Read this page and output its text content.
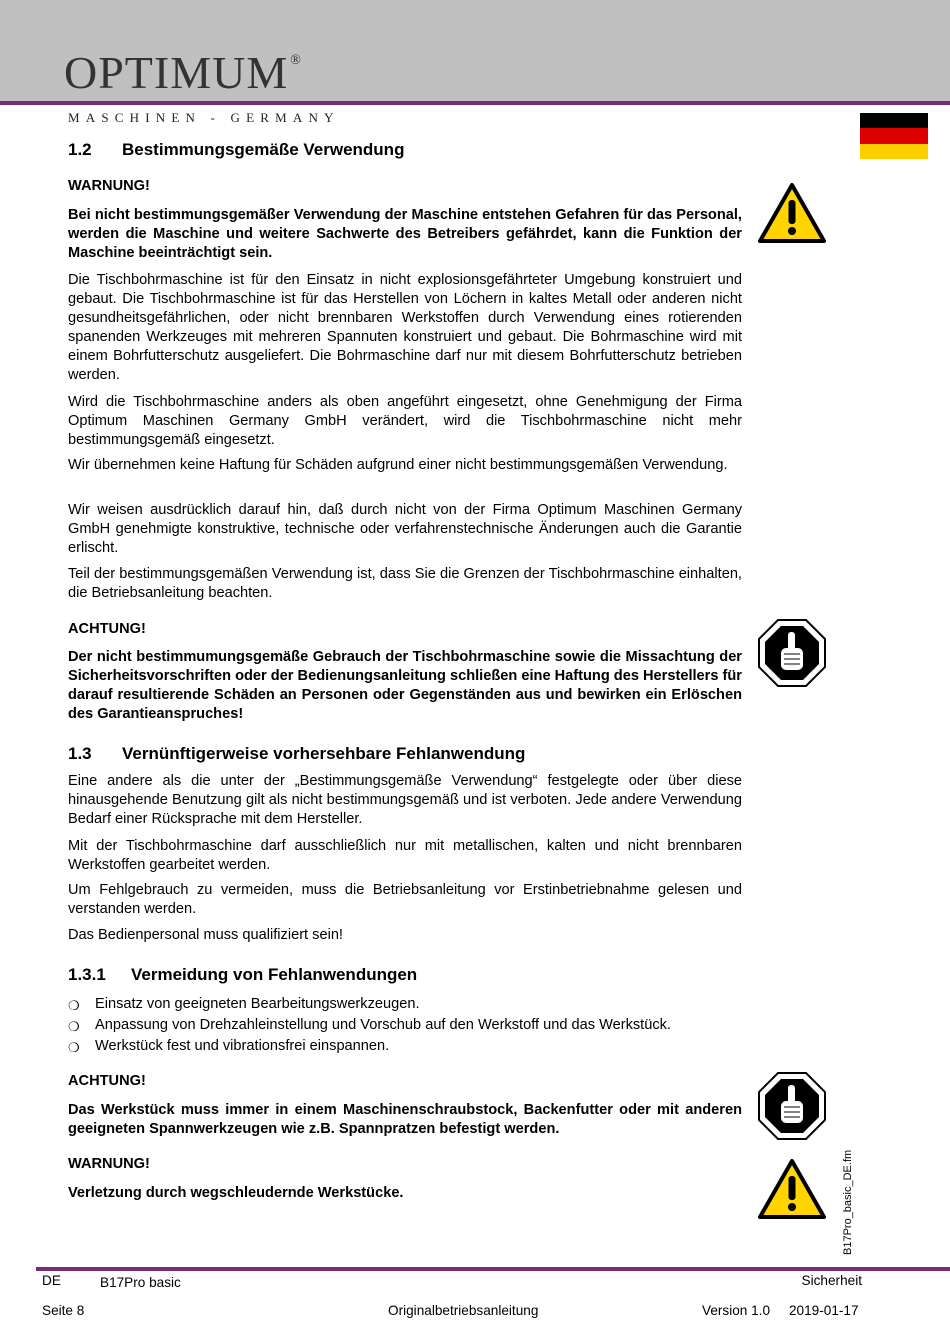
OPTIMUM ®
MASCHINEN - GERMANY
1.2 Bestimmungsgemäße Verwendung
WARNUNG!
Bei nicht bestimmungsgemäßer Verwendung der Maschine entstehen Gefahren für das Personal, werden die Maschine und weitere Sachwerte des Betreibers gefährdet, kann die Funktion der Maschine beeinträchtigt sein.
Die Tischbohrmaschine ist für den Einsatz in nicht explosionsgefährteter Umgebung konstruiert und gebaut. Die Tischbohrmaschine ist für das Herstellen von Löchern in kaltes Metall oder anderen nicht gesundheitsgefährlichen, oder nicht brennbaren Werkstoffen durch Verwendung eines rotierenden spanenden Werkzeuges mit mehreren Spannuten konstruiert und gebaut. Die Bohrmaschine wird mit einem Bohrfutterschutz ausgeliefert. Die Bohrmaschine darf nur mit diesem Bohrfutterschutz betrieben werden.
Wird die Tischbohrmaschine anders als oben angeführt eingesetzt, ohne Genehmigung der Firma Optimum Maschinen Germany GmbH verändert, wird die Tischbohrmaschine nicht mehr bestimmungsgemäß eingesetzt.
Wir übernehmen keine Haftung für Schäden aufgrund einer nicht bestimmungsgemäßen Verwendung.
Wir weisen ausdrücklich darauf hin, daß durch nicht von der Firma Optimum Maschinen Germany GmbH genehmigte konstruktive, technische oder verfahrenstechnische Änderungen auch die Garantie erlischt.
Teil der bestimmungsgemäßen Verwendung ist, dass Sie die Grenzen der Tischbohrmaschine einhalten, die Betriebsanleitung beachten.
ACHTUNG!
Der nicht bestimmumungsgemäße Gebrauch der Tischbohrmaschine sowie die Missachtung der Sicherheitsvorschriften oder der Bedienungsanleitung schließen eine Haftung des Herstellers für darauf resultierende Schäden an Personen oder Gegenständen aus und bewirken ein Erlöschen des Garantieanspruches!
1.3 Vernünftigerweise vorhersehbare Fehlanwendung
Eine andere als die unter der „Bestimmungsgemäße Verwendung“ festgelegte oder über diese hinausgehende Benutzung gilt als nicht bestimmungsgemäß und ist verboten. Jede andere Verwendung Bedarf einer Rücksprache mit dem Hersteller.
Mit der Tischbohrmaschine darf ausschließlich nur mit metallischen, kalten und nicht brennbaren Werkstoffen gearbeitet werden.
Um Fehlgebrauch zu vermeiden, muss die Betriebsanleitung vor Erstinbetriebnahme gelesen und verstanden werden.
Das Bedienpersonal muss qualifiziert sein!
1.3.1 Vermeidung von Fehlanwendungen
❍ Einsatz von geeigneten Bearbeitungswerkzeugen.
❍ Anpassung von Drehzahleinstellung und Vorschub auf den Werkstoff und das Werkstück.
❍ Werkstück fest und vibrationsfrei einspannen.
ACHTUNG!
Das Werkstück muss immer in einem Maschinenschraubstock, Backenfutter oder mit anderen geeigneten Spannwerkzeugen wie z.B. Spannpratzen befestigt werden.
WARNUNG!
Verletzung durch wegschleudernde Werkstücke.	B17Pro_basic_DE.fm
DE	B17Pro basic	Sicherheit
Seite 8	Originalbetriebsanleitung	Version 1.0 2019-01-17
